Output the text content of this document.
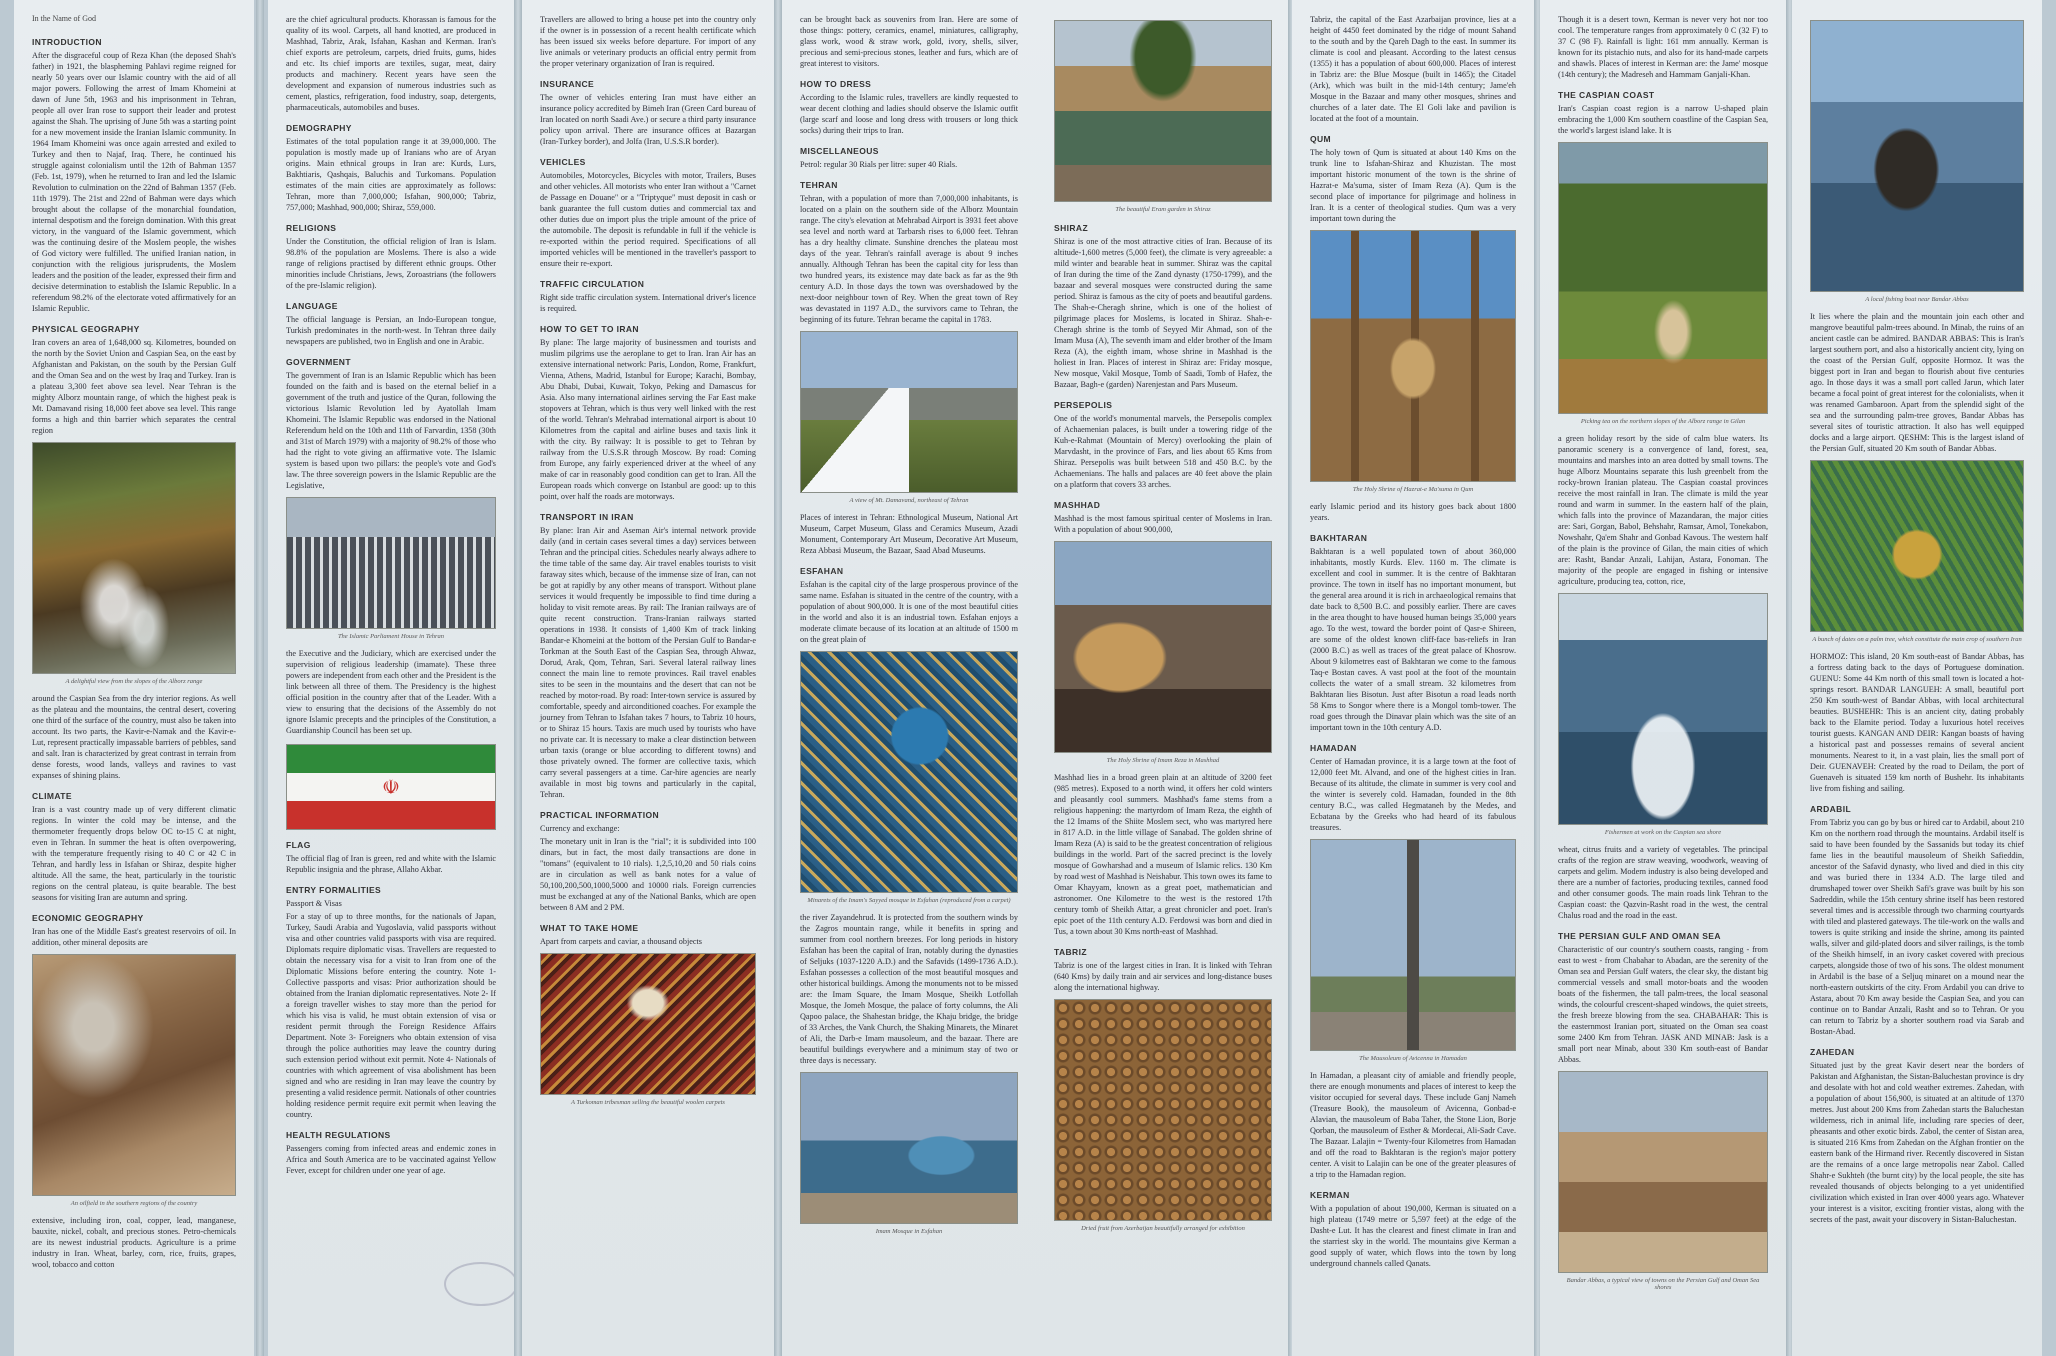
In the Name of God
INTRODUCTION

After the disgraceful coup of Reza Khan (the deposed Shah's father) in 1921, the blaspheming Pahlavi regime reigned for nearly 50 years over our Islamic country with the aid of all major powers. Following the arrest of Imam Khomeini at dawn of June 5th, 1963 and his imprisonment in Tehran, people all over Iran rose to support their leader and protest against the Shah. The uprising of June 5th was a starting point for a new movement inside the Iranian Islamic community. In 1964 Imam Khomeini was once again arrested and exiled to Turkey and then to Najaf, Iraq. There, he continued his struggle against colonialism until the 12th of Bahman 1357 (Feb. 1st, 1979), when he returned to Iran and led the Islamic Revolution to culmination on the 22nd of Bahman 1357 (Feb. 11th 1979). The 21st and 22nd of Bahman were days which brought about the collapse of the monarchial foundation, internal despotism and the foreign domination. With this great victory, in the vanguard of the Islamic government, which was the continuing desire of the Moslem people, the wishes of God victory were fulfilled. The unified Iranian nation, in conjunction with the religious jurisprudents, the Moslem leaders and the position of the leader, expressed their firm and decisive determination to establish the Islamic Republic. In a referendum 98.2% of the electorate voted affirmatively for an Islamic Republic.

PHYSICAL GEOGRAPHY

Iran covers an area of 1,648,000 sq. Kilometres, bounded on the north by the Soviet Union and Caspian Sea, on the east by Afghanistan and Pakistan, on the south by the Persian Gulf and the Oman Sea and on the west by Iraq and Turkey. Iran is a plateau 3,300 feet above sea level. Near Tehran is the mighty Alborz mountain range, of which the highest peak is Mt. Damavand rising 18,000 feet above sea level. This range forms a high and thin barrier which separates the central region

A delightful view from the slopes of the Alborz range

around the Caspian Sea from the dry interior regions. As well as the plateau and the mountains, the central desert, covering one third of the surface of the country, must also be taken into account. Its two parts, the Kavir-e-Namak and the Kavir-e-Lut, represent practically impassable barriers of pebbles, sand and salt. Iran is characterized by great contrast in terrain from dense forests, wood lands, valleys and ravines to vast expanses of shining plains.

CLIMATE

Iran is a vast country made up of very different climatic regions. In winter the cold may be intense, and the thermometer frequently drops below OC to-15 C at night, even in Tehran. In summer the heat is often overpowering, with the temperature frequently rising to 40 C or 42 C in Tehran, and hardly less in Isfahan or Shiraz, despite higher altitude. All the same, the heat, particularly in the touristic regions on the central plateau, is quite bearable. The best seasons for visiting Iran are autumn and spring.

ECONOMIC GEOGRAPHY

Iran has one of the Middle East's greatest reservoirs of oil. In addition, other mineral deposits are

An oilfield in the southern regions of the country

extensive, including iron, coal, copper, lead, manganese, bauxite, nickel, cobalt, and precious stones. Petro-chemicals are its newest industrial products. Agriculture is a prime industry in Iran. Wheat, barley, corn, rice, fruits, grapes, wool, tobacco and cotton

are the chief agricultural products. Khorassan is famous for the quality of its wool. Carpets, all hand knotted, are produced in Mashhad, Tabriz, Arak, Isfahan, Kashan and Kerman. Iran's chief exports are petroleum, carpets, dried fruits, gums, hides and etc. Its chief imports are textiles, sugar, meat, dairy products and machinery. Recent years have seen the development and expansion of numerous industries such as cement, plastics, refrigeration, food industry, soap, detergents, pharmaceuticals, automobiles and buses.

DEMOGRAPHY

Estimates of the total population range it at 39,000,000. The population is mostly made up of Iranians who are of Aryan origins. Main ethnical groups in Iran are: Kurds, Lurs, Bakhtiaris, Qashqais, Baluchis and Turkomans. Population estimates of the main cities are approximately as follows: Tehran, more than 7,000,000; Isfahan, 900,000; Tabriz, 757,000; Mashhad, 900,000; Shiraz, 559,000.

RELIGIONS

Under the Constitution, the official religion of Iran is Islam. 98.8% of the population are Moslems. There is also a wide range of religions practised by different ethnic groups. Other minorities include Christians, Jews, Zoroastrians (the followers of the pre-Islamic religion).

LANGUAGE

The official language is Persian, an Indo-European tongue, Turkish predominates in the north-west. In Tehran three daily newspapers are published, two in English and one in Arabic.

GOVERNMENT

The government of Iran is an Islamic Republic which has been founded on the faith and is based on the eternal belief in a government of the truth and justice of the Quran, following the victorious Islamic Revolution led by Ayatollah Imam Khomeini. The Islamic Republic was endorsed in the National Referendum held on the 10th and 11th of Farvardin, 1358 (30th and 31st of March 1979) with a majority of 98.2% of those who had the right to vote giving an affirmative vote. The Islamic system is based upon two pillars: the people's vote and God's law. The three sovereign powers in the Islamic Republic are the Legislative,

The Islamic Parliament House in Tehran

the Executive and the Judiciary, which are exercised under the supervision of religious leadership (imamate). These three powers are independent from each other and the President is the link between all three of them. The Presidency is the highest official position in the country after that of the Leader. With a view to ensuring that the decisions of the Assembly do not ignore Islamic precepts and the principles of the Constitution, a Guardianship Council has been set up.

☫
FLAG

The official flag of Iran is green, red and white with the Islamic Republic insignia and the phrase, Allaho Akbar.

ENTRY FORMALITIES

Passport & Visas

For a stay of up to three months, for the nationals of Japan, Turkey, Saudi Arabia and Yugoslavia, valid passports without visa and other countries valid passports with visa are required. Diplomats require diplomatic visas. Travellers are requested to obtain the necessary visa for a visit to Iran from one of the Diplomatic Missions before entering the country. Note 1- Collective passports and visas: Prior authorization should be obtained from the Iranian diplomatic representatives. Note 2- If a foreign traveller wishes to stay more than the period for which his visa is valid, he must obtain extension of visa or resident permit through the Foreign Residence Affairs Department. Note 3- Foreigners who obtain extension of visa through the police authorities may leave the country during such extension period without exit permit. Note 4- Nationals of countries with which agreement of visa abolishment has been signed and who are residing in Iran may leave the country by presenting a valid residence permit. Nationals of other countries holding residence permit require exit permit when leaving the country.

HEALTH REGULATIONS

Passengers coming from infected areas and endemic zones in Africa and South America are to be vaccinated against Yellow Fever, except for children under one year of age.

Travellers are allowed to bring a house pet into the country only if the owner is in possession of a recent health certificate which has been issued six weeks before departure. For import of any live animals or veterinary products an official entry permit from the proper veterinary organization of Iran is required.

INSURANCE

The owner of vehicles entering Iran must have either an insurance policy accredited by Bimeh Iran (Green Card bureau of Iran located on north Saadi Ave.) or secure a third party insurance policy upon arrival. There are insurance offices at Bazargan (Iran-Turkey border), and Jolfa (Iran, U.S.S.R border).

VEHICLES

Automobiles, Motorcycles, Bicycles with motor, Trailers, Buses and other vehicles. All motorists who enter Iran without a "Carnet de Passage en Douane" or a "Triptyque" must deposit in cash or bank guarantee the full custom duties and commercial tax and other duties due on import plus the triple amount of the price of the automobile. The deposit is refundable in full if the vehicle is re-exported within the period required. Specifications of all imported vehicles will be mentioned in the traveller's passport to ensure their re-export.

TRAFFIC CIRCULATION

Right side traffic circulation system. International driver's licence is required.

HOW TO GET TO IRAN

By plane: The large majority of businessmen and tourists and muslim pilgrims use the aeroplane to get to Iran. Iran Air has an extensive international network: Paris, London, Rome, Frankfurt, Vienna, Athens, Madrid, Istanbul for Europe; Karachi, Bombay, Abu Dhabi, Dubai, Kuwait, Tokyo, Peking and Damascus for Asia. Also many international airlines serving the Far East make stopovers at Tehran, which is thus very well linked with the rest of the world. Tehran's Mehrabad international airport is about 10 Kilometres from the capital and airline buses and taxis link it with the city. By railway: It is possible to get to Tehran by railway from the U.S.S.R through Moscow. By road: Coming from Europe, any fairly experienced driver at the wheel of any make of car in reasonably good condition can get to Iran. All the European roads which converge on Istanbul are good: up to this point, over half the roads are motorways.

TRANSPORT IN IRAN

By plane: Iran Air and Aseman Air's internal network provide daily (and in certain cases several times a day) services between Tehran and the principal cities. Schedules nearly always adhere to the time table of the same day. Air travel enables tourists to visit faraway sites which, because of the immense size of Iran, can not be got at rapidly by any other means of transport. Without plane services it would frequently be impossible to find time during a holiday to visit remote areas. By rail: The Iranian railways are of quite recent construction. Trans-Iranian railways started operations in 1938. It consists of 1,400 Km of track linking Bandar-e Khomeini at the bottom of the Persian Gulf to Bandar-e Torkman at the South East of the Caspian Sea, through Ahwaz, Dorud, Arak, Qom, Tehran, Sari. Several lateral railway lines connect the main line to remote provinces. Rail travel enables sites to be seen in the mountains and the desert that can not be reached by motor-road. By road: Inter-town service is assured by comfortable, speedy and airconditioned coaches. For example the journey from Tehran to Isfahan takes 7 hours, to Tabriz 10 hours, or to Shiraz 15 hours. Taxis are much used by tourists who have no private car. It is necessary to make a clear distinction between urban taxis (orange or blue according to different towns) and those privately owned. The former are collective taxis, which carry several passengers at a time. Car-hire agencies are nearly available in most big towns and particularly in the capital, Tehran.

PRACTICAL INFORMATION

Currency and exchange:

The monetary unit in Iran is the "rial"; it is subdivided into 100 dinars, but in fact, the most daily transactions are done in "tomans" (equivalent to 10 rials). 1,2,5,10,20 and 50 rials coins are in circulation as well as bank notes for a value of 50,100,200,500,1000,5000 and 10000 rials. Foreign currencies must be exchanged at any of the National Banks, which are open between 8 AM and 2 PM.

WHAT TO TAKE HOME

Apart from carpets and caviar, a thousand objects

A Turkoman tribesman selling the beautiful woolen carpets

can be brought back as souvenirs from Iran. Here are some of those things: pottery, ceramics, enamel, miniatures, calligraphy, glass work, wood & straw work, gold, ivory, shells, silver, precious and semi-precious stones, leather and furs, which are of great interest to visitors.

HOW TO DRESS

According to the Islamic rules, travellers are kindly requested to wear decent clothing and ladies should observe the Islamic outfit (large scarf and loose and long dress with trousers or long thick socks) during their trips to Iran.

MISCELLANEOUS

Petrol: regular 30 Rials per litre: super 40 Rials.

TEHRAN

Tehran, with a population of more than 7,000,000 inhabitants, is located on a plain on the southern side of the Alborz Mountain range. The city's elevation at Mehrabad Airport is 3931 feet above sea level and north ward at Tarbarsh rises to 6,000 feet. Tehran has a dry healthy climate. Sunshine drenches the plateau most days of the year. Tehran's rainfall average is about 9 inches annually. Although Tehran has been the capital city for less than two hundred years, its existence may date back as far as the 9th century A.D. In those days the town was overshadowed by the next-door neighbour town of Rey. When the great town of Rey was devastated in 1197 A.D., the survivors came to Tehran, the beginning of its future. Tehran became the capital in 1783.

A view of Mt. Damavand, northeast of Tehran

Places of interest in Tehran: Ethnological Museum, National Art Museum, Carpet Museum, Glass and Ceramics Museum, Azadi Monument, Contemporary Art Museum, Decorative Art Museum, Reza Abbasi Museum, the Bazaar, Saad Abad Museums.

ESFAHAN

Esfahan is the capital city of the large prosperous province of the same name. Esfahan is situated in the centre of the country, with a population of about 900,000. It is one of the most beautiful cities in the world and also it is an industrial town. Esfahan enjoys a moderate climate because of its location at an altitude of 1500 m on the great plain of

Minarets of the Imam's Sayyed mosque in Esfahan (reproduced from a carpet)

the river Zayandehrud. It is protected from the southern winds by the Zagros mountain range, while it benefits in spring and summer from cool northern breezes. For long periods in history Esfahan has been the capital of Iran, notably during the dynasties of Seljuks (1037-1220 A.D.) and the Safavids (1499-1736 A.D.). Esfahan possesses a collection of the most beautiful mosques and other historical buildings. Among the monuments not to be missed are: the Imam Square, the Imam Mosque, Sheikh Lotfollah Mosque, the Jomeh Mosque, the palace of forty columns, the Ali Qapoo palace, the Shahestan bridge, the Khaju bridge, the bridge of 33 Arches, the Vank Church, the Shaking Minarets, the Minaret of Ali, the Darb-e Imam mausoleum, and the bazaar. There are beautiful buildings everywhere and a minimum stay of two or three days is necessary.

Imam Mosque in Esfahan
The beautiful Eram garden in Shiraz
SHIRAZ

Shiraz is one of the most attractive cities of Iran. Because of its altitude-1,600 metres (5,000 feet), the climate is very agreeable: a mild winter and bearable heat in summer. Shiraz was the capital of Iran during the time of the Zand dynasty (1750-1799), and the bazaar and several mosques were constructed during the same period. Shiraz is famous as the city of poets and beautiful gardens. The Shah-e-Cheragh shrine, which is one of the holiest of pilgrimage places for Moslems, is located in Shiraz. Shah-e-Cheragh shrine is the tomb of Seyyed Mir Ahmad, son of the Imam Musa (A), The seventh imam and elder brother of the Imam Reza (A), the eighth imam, whose shrine in Mashhad is the holiest in Iran. Places of interest in Shiraz are: Friday mosque, New mosque, Vakil Mosque, Tomb of Saadi, Tomb of Hafez, the Bazaar, Bagh-e (garden) Narenjestan and Pars Museum.

PERSEPOLIS

One of the world's monumental marvels, the Persepolis complex of Achaemenian palaces, is built under a towering ridge of the Kuh-e-Rahmat (Mountain of Mercy) overlooking the plain of Marvdasht, in the province of Fars, and lies about 65 Kms from Shiraz. Persepolis was built between 518 and 450 B.C. by the Achaemenians. The halls and palaces are 40 feet above the plain on a platform that covers 33 arches.

MASHHAD

Mashhad is the most famous spiritual center of Moslems in Iran. With a population of about 900,000,

The Holy Shrine of Imam Reza in Mashhad

Mashhad lies in a broad green plain at an altitude of 3200 feet (985 metres). Exposed to a north wind, it offers her cold winters and pleasantly cool summers. Mashhad's fame stems from a religious happening: the martyrdom of Imam Reza, the eighth of the 12 Imams of the Shiite Moslem sect, who was martyred here in 817 A.D. in the little village of Sanabad. The golden shrine of Imam Reza (A) is said to be the greatest concentration of religious buildings in the world. Part of the sacred precinct is the lovely mosque of Gowharshad and a museum of Islamic relics. 130 Km by road west of Mashhad is Neishabur. This town owes its fame to Omar Khayyam, known as a great poet, mathematician and astronomer. One Kilometre to the west is the restored 17th century tomb of Sheikh Attar, a great chronicler and poet. Iran's epic poet of the 11th century A.D. Ferdowsi was born and died in Tus, a town about 30 Kms north-east of Mashhad.

TABRIZ

Tabriz is one of the largest cities in Iran. It is linked with Tehran (640 Kms) by daily train and air services and long-distance buses along the international highway.

Dried fruit from Azerbaijan beautifully arranged for exhibition

Tabriz, the capital of the East Azarbaijan province, lies at a height of 4450 feet dominated by the ridge of mount Sahand to the south and by the Qareh Dagh to the east. In summer its climate is cool and pleasant. According to the latest census (1355) it has a population of about 600,000. Places of interest in Tabriz are: the Blue Mosque (built in 1465); the Citadel (Ark), which was built in the mid-14th century; Jame'eh Mosque in the Bazaar and many other mosques, shrines and churches of a later date. The El Goli lake and pavilion is located at the foot of a mountain.

QUM

The holy town of Qum is situated at about 140 Kms on the trunk line to Isfahan-Shiraz and Khuzistan. The most important historic monument of the town is the shrine of Hazrat-e Ma'suma, sister of Imam Reza (A). Qum is the second place of importance for pilgrimage and holiness in Iran. It is a center of theological studies. Qum was a very important town during the

The Holy Shrine of Hazrat-e Ma'suma in Qum

early Islamic period and its history goes back about 1800 years.

BAKHTARAN

Bakhtaran is a well populated town of about 360,000 inhabitants, mostly Kurds. Elev. 1160 m. The climate is excellent and cool in summer. It is the centre of Bakhtaran province. The town in itself has no important monument, but the general area around it is rich in archaeological remains that date back to 8,500 B.C. and possibly earlier. There are caves in the area thought to have housed human beings 35,000 years ago. To the west, toward the border point of Qasr-e Shireen, are some of the oldest known cliff-face bas-reliefs in Iran (2000 B.C.) as well as traces of the great palace of Khosrow. About 9 kilometres east of Bakhtaran we come to the famous Taq-e Bostan caves. A vast pool at the foot of the mountain collects the water of a small stream. 32 kilometres from Bakhtaran lies Bisotun. Just after Bisotun a road leads north 58 Kms to Songor where there is a Mongol tomb-tower. The road goes through the Dinavar plain which was the site of an important town in the 10th century A.D.

HAMADAN

Center of Hamadan province, it is a large town at the foot of 12,000 feet Mt. Alvand, and one of the highest cities in Iran. Because of its altitude, the climate in summer is very cool and the winter is severely cold. Hamadan, founded in the 8th century B.C., was called Hegmataneh by the Medes, and Ecbatana by the Greeks who had heard of its fabulous treasures.

The Mausoleum of Avicenna in Hamadan

In Hamadan, a pleasant city of amiable and friendly people, there are enough monuments and places of interest to keep the visitor occupied for several days. These include Ganj Nameh (Treasure Book), the mausoleum of Avicenna, Gonbad-e Alavian, the mausoleum of Baba Taher, the Stone Lion, Borje Qorban, the mausoleum of Esther & Mordecai, Ali-Sadr Cave. The Bazaar. Lalajin = Twenty-four Kilometres from Hamadan and off the road to Bakhtaran is the region's major pottery center. A visit to Lalajin can be one of the greater pleasures of a trip to the Hamadan region.

KERMAN

With a population of about 190,000, Kerman is situated on a high plateau (1749 metre or 5,597 feet) at the edge of the Dasht-e Lut. It has the clearest and finest climate in Iran and the starriest sky in the world. The mountains give Kerman a good supply of water, which flows into the town by long underground channels called Qanats.

Though it is a desert town, Kerman is never very hot nor too cool. The temperature ranges from approximately 0 C (32 F) to 37 C (98 F). Rainfall is light: 161 mm annually. Kerman is known for its pistachio nuts, and also for its hand-made carpets and shawls. Places of interest in Kerman are: the Jame' mosque (14th century); the Madreseh and Hammam Ganjali-Khan.

THE CASPIAN COAST

Iran's Caspian coast region is a narrow U-shaped plain embracing the 1,000 Km southern coastline of the Caspian Sea, the world's largest island lake. It is

Picking tea on the northern slopes of the Alborz range in Gilan

a green holiday resort by the side of calm blue waters. Its panoramic scenery is a convergence of land, forest, sea, mountains and marshes into an area dotted by small towns. The huge Alborz Mountains separate this lush greenbelt from the rocky-brown Iranian plateau. The Caspian coastal provinces receive the most rainfall in Iran. The climate is mild the year round and warm in summer. In the eastern half of the plain, which falls into the province of Mazandaran, the major cities are: Sari, Gorgan, Babol, Behshahr, Ramsar, Amol, Tonekabon, Nowshahr, Qa'em Shahr and Gonbad Kavous. The western half of the plain is the province of Gilan, the main cities of which are: Rasht, Bandar Anzali, Lahijan, Astara, Fonoman. The majority of the people are engaged in fishing or intensive agriculture, producing tea, cotton, rice,

Fishermen at work on the Caspian sea shore

wheat, citrus fruits and a variety of vegetables. The principal crafts of the region are straw weaving, woodwork, weaving of carpets and gelim. Modern industry is also being developed and there are a number of factories, producing textiles, canned food and other consumer goods. The main roads link Tehran to the Caspian coast: the Qazvin-Rasht road in the west, the central Chalus road and the road in the east.

THE PERSIAN GULF AND OMAN SEA

Characteristic of our country's southern coasts, ranging - from east to west - from Chabahar to Abadan, are the serenity of the Oman sea and Persian Gulf waters, the clear sky, the distant big commercial vessels and small motor-boats and the wooden boats of the fishermen, the tall palm-trees, the local seasonal winds, the colourful crescent-shaped windows, the quiet streets, the fresh breeze blowing from the sea. CHABAHAR: This is the easternmost Iranian port, situated on the Oman sea coast some 2400 Km from Tehran. JASK AND MINAB: Jask is a small port near Minab, about 330 Km south-east of Bandar Abbas.

Bandar Abbas, a typical view of towns on the Persian Gulf and Oman Sea shores
A local fishing boat near Bandar Abbas

It lies where the plain and the mountain join each other and mangrove beautiful palm-trees abound. In Minab, the ruins of an ancient castle can be admired. BANDAR ABBAS: This is Iran's largest southern port, and also a historically ancient city, lying on the coast of the Persian Gulf, opposite Hormoz. It was the biggest port in Iran and began to flourish about five centuries ago. In those days it was a small port called Jarun, which later became a focal point of great interest for the colonialists, when it was renamed Gambaroon. Apart from the splendid sight of the sea and the surrounding palm-tree groves, Bandar Abbas has several sites of touristic attraction. It also has well equipped docks and a large airport. QESHM: This is the largest island of the Persian Gulf, situated 20 Km south of Bandar Abbas.

A bunch of dates on a palm tree, which constitute the main crop of southern Iran

HORMOZ: This island, 20 Km south-east of Bandar Abbas, has a fortress dating back to the days of Portuguese domination. GUENU: Some 44 Km north of this small town is located a hot-springs resort. BANDAR LANGUEH: A small, beautiful port 250 Km south-west of Bandar Abbas, with local architectural beauties. BUSHEHR: This is an ancient city, dating probably back to the Elamite period. Today a luxurious hotel receives tourist guests. KANGAN AND DEIR: Kangan boasts of having a historical past and possesses remains of several ancient monuments. Nearest to it, in a vast plain, lies the small port of Deir. GUENAVEH: Created by the road to Deilam, the port of Guenaveh is situated 159 km north of Bushehr. Its inhabitants live from fishing and sailing.

ARDABIL

From Tabriz you can go by bus or hired car to Ardabil, about 210 Km on the northern road through the mountains. Ardabil itself is said to have been founded by the Sassanids but today its chief fame lies in the beautiful mausoleum of Sheikh Safieddin, ancestor of the Safavid dynasty, who lived and died in this city and was buried there in 1334 A.D. The large tiled and drumshaped tower over Sheikh Safi's grave was built by his son Sadreddin, while the 15th century shrine itself has been restored several times and is accessible through two charming courtyards with tiled and plastered gateways. The tile-work on the walls and towers is quite striking and inside the shrine, among its painted walls, silver and gild-plated doors and silver railings, is the tomb of the Sheikh himself, in an ivory casket covered with precious carpets, alongside those of two of his sons. The oldest monument in Ardabil is the base of a Seljuq minaret on a mound near the north-eastern outskirts of the city. From Ardabil you can drive to Astara, about 70 Km away beside the Caspian Sea, and you can continue on to Bandar Anzali, Rasht and so to Tehran. Or you can return to Tabriz by a shorter southern road via Sarab and Bostan-Abad.

ZAHEDAN

Situated just by the great Kavir desert near the borders of Pakistan and Afghanistan, the Sistan-Baluchestan province is dry and desolate with hot and cold weather extremes. Zahedan, with a population of about 156,900, is situated at an altitude of 1370 metres. Just about 200 Kms from Zahedan starts the Baluchestan wilderness, rich in animal life, including rare species of deer, pheasants and other exotic birds. Zabol, the center of Sistan area, is situated 216 Kms from Zahedan on the Afghan frontier on the eastern bank of the Hirmand river. Recently discovered in Sistan are the remains of a once large metropolis near Zabol. Called Shahr-e Sukhteh (the burnt city) by the local people, the site has revealed thousands of objects belonging to a yet unidentified civilization which existed in Iran over 4000 years ago. Whatever your interest is a visitor, exciting frontier vistas, along with the secrets of the past, await your discovery in Sistan-Baluchestan.
